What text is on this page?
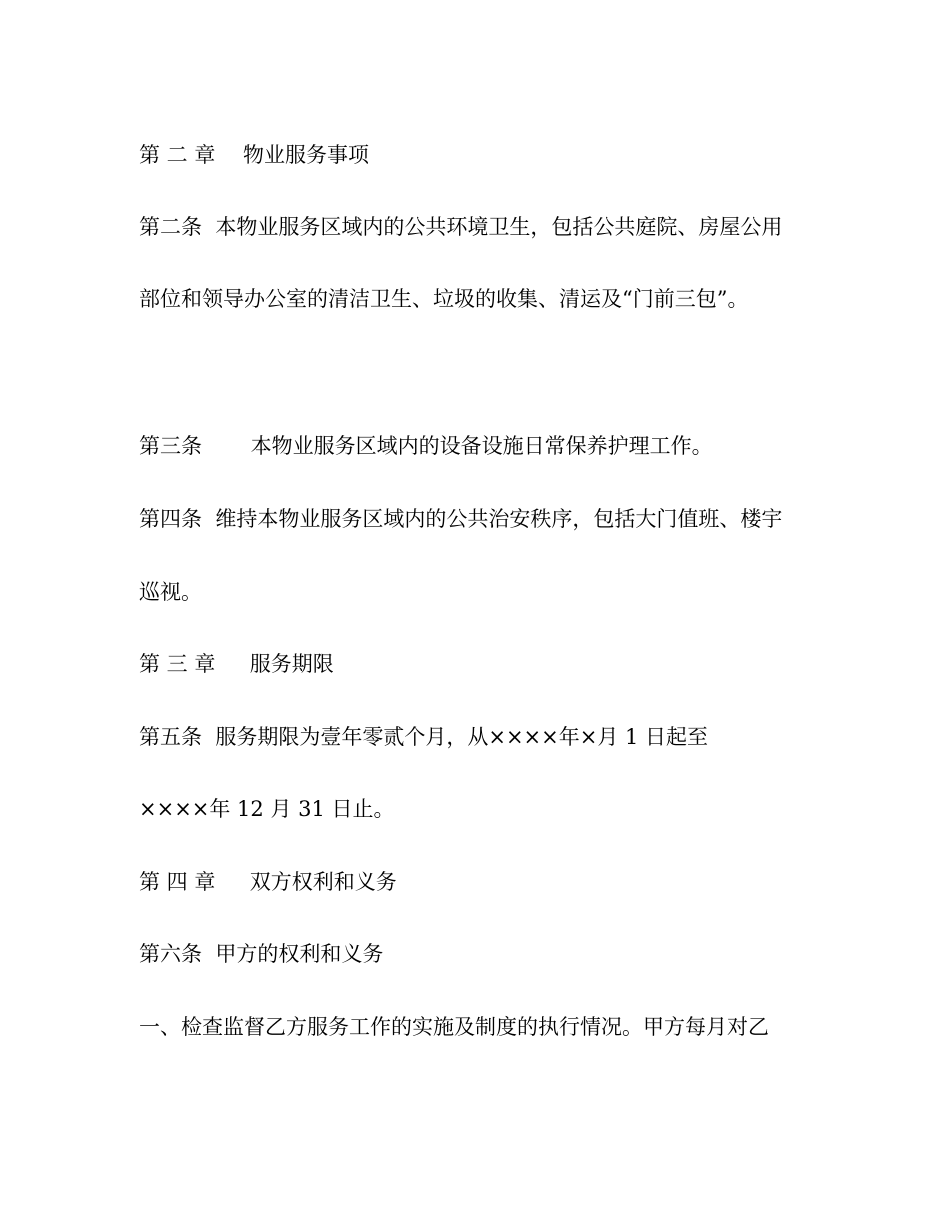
第 二 章　 物业服务事项
第二条  本物业服务区域内的公共环境卫生，包括公共庭院、房屋公用
部位和领导办公室的清洁卫生、垃圾的收集、清运及“门前三包”。
第三条　　 本物业服务区域内的设备设施日常保养护理工作。
第四条  维持本物业服务区域内的公共治安秩序，包括大门值班、楼宇
巡视。
第 三 章 　 服务期限
第五条  服务期限为壹年零贰个月，从××××年×月 1 日起至
××××年 12 月 31 日止。
第 四 章 　 双方权利和义务
第六条  甲方的权利和义务
一、检查监督乙方服务工作的实施及制度的执行情况。甲方每月对乙
